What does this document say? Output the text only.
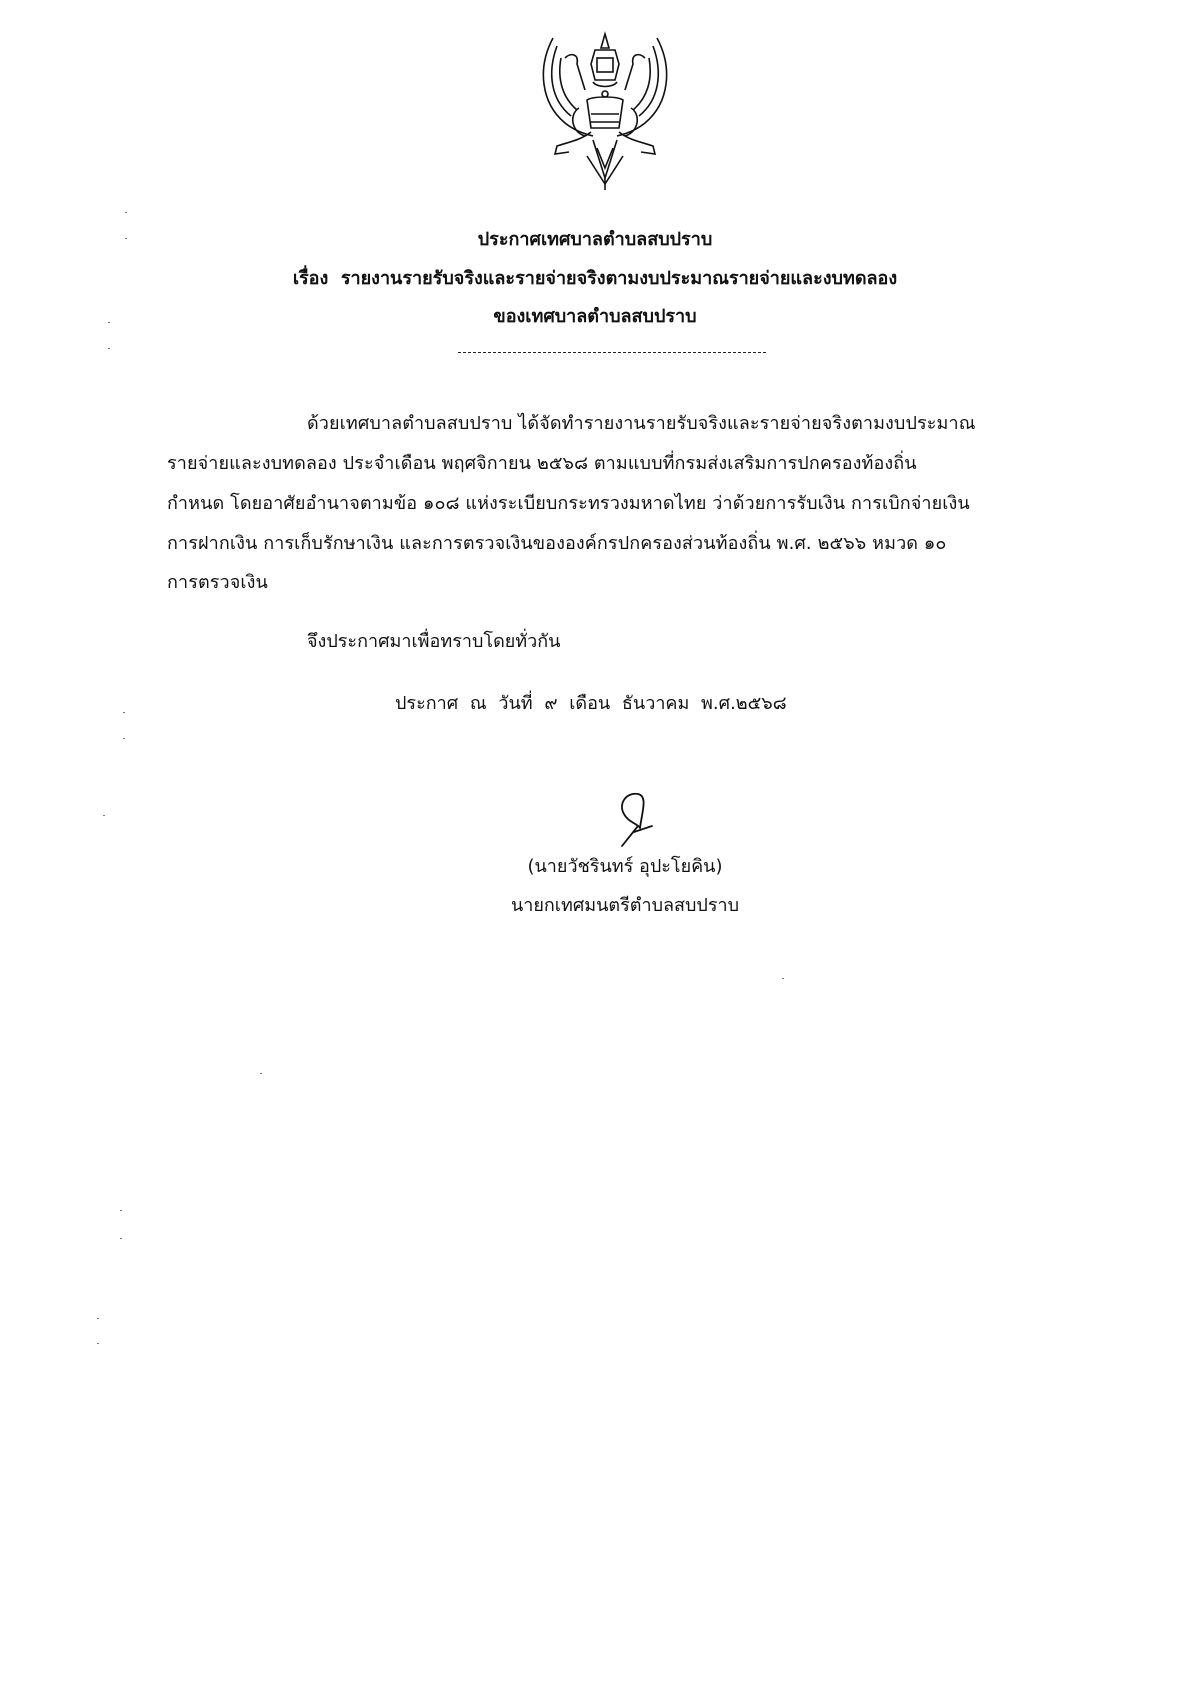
ประกาศเทศบาลตำบลสบปราบ
เรื่อง รายงานรายรับจริงและรายจ่ายจริงตามงบประมาณรายจ่ายและงบทดลอง
ของเทศบาลตำบลสบปราบ
ด้วยเทศบาลตำบลสบปราบ ได้จัดทำรายงานรายรับจริงและรายจ่ายจริงตามงบประมาณ
รายจ่ายและงบทดลอง ประจำเดือน พฤศจิกายน ๒๕๖๘ ตามแบบที่กรมส่งเสริมการปกครองท้องถิ่น
กำหนด โดยอาศัยอำนาจตามข้อ ๑๐๘ แห่งระเบียบกระทรวงมหาดไทย ว่าด้วยการรับเงิน การเบิกจ่ายเงิน
การฝากเงิน การเก็บรักษาเงิน และการตรวจเงินขององค์กรปกครองส่วนท้องถิ่น พ.ศ. ๒๕๖๖ หมวด ๑๐
การตรวจเงิน
จึงประกาศมาเพื่อทราบโดยทั่วกัน
ประกาศ ณ วันที่ ๙ เดือน ธันวาคม พ.ศ.๒๕๖๘
(นายวัชรินทร์ อุปะโยคิน)
นายกเทศมนตรีตำบลสบปราบ
